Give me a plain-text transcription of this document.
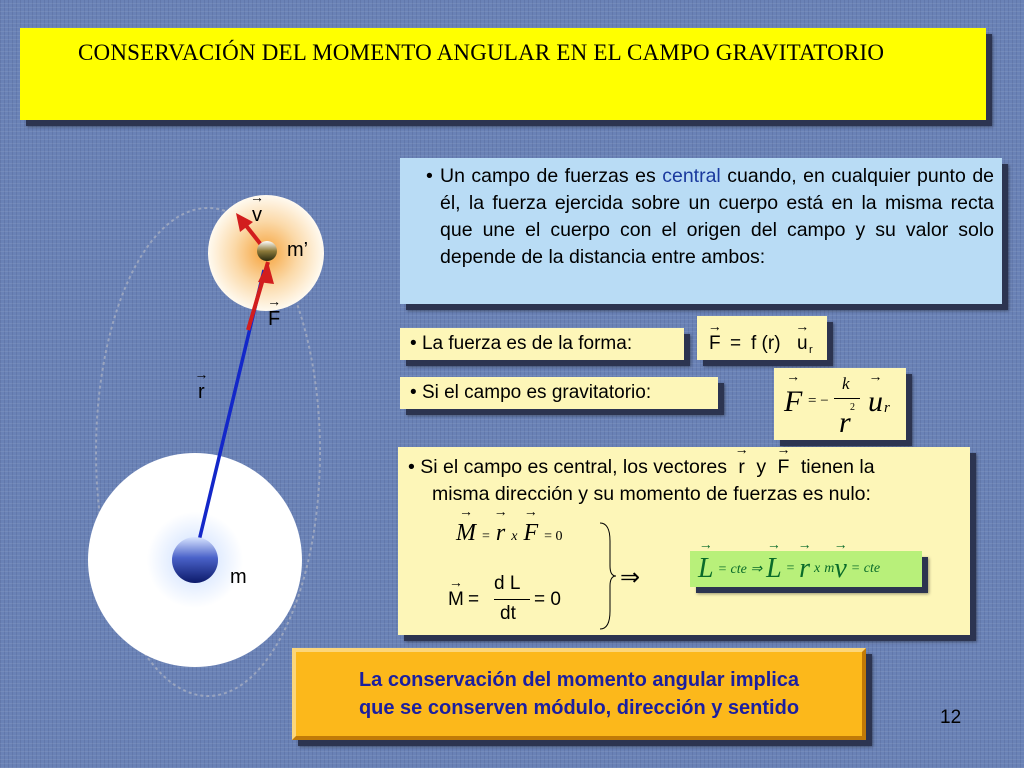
CONSERVACIÓN DEL MOMENTO ANGULAR EN EL CAMPO GRAVITATORIO
→ v
m’
→ F
→ r
m

• Un campo de fuerzas es central cuando, en cualquier punto de él, la fuerza ejercida sobre un cuerpo está en la misma recta que une el cuerpo con el origen del campo y su valor solo depende de la distancia entre ambos:

• La fuerza es de la forma:	→ F = f (r) → u r
• Si el campo es gravitatorio:	→ F = −
k
2
r
→ u r
• Si el campo es central, los vectores → r y → F tienen la
misma dirección y su momento de fuerzas es nulo:
→ M = → r x → F = 0
→ M =
d L
dt
= 0
⇒ → L = cte ⇒ → L = → r x m → v = cte
La conservación del momento angular implica
que se conserven módulo, dirección y sentido	12
